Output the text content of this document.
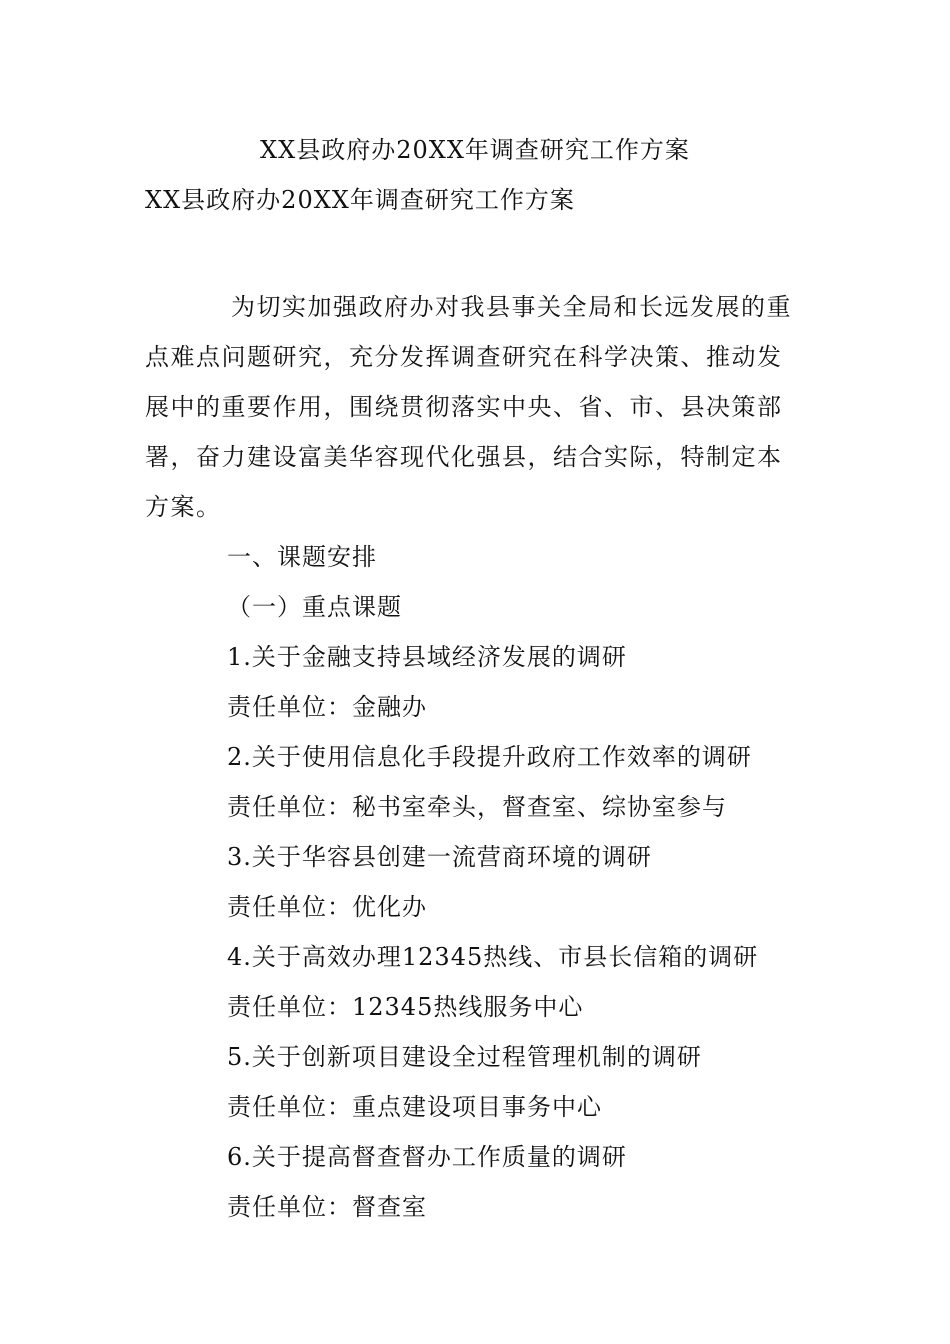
XX县政府办20XX年调查研究工作方案
XX县政府办20XX年调查研究工作方案
为切实加强政府办对我县事关全局和长远发展的重点难点问题研究，充分发挥调查研究在科学决策、推动发展中的重要作用，围绕贯彻落实中央、省、市、县决策部署，奋力建设富美华容现代化强县，结合实际，特制定本方案。
一、课题安排
（一）重点课题
1.关于金融支持县域经济发展的调研
责任单位：金融办
2.关于使用信息化手段提升政府工作效率的调研
责任单位：秘书室牵头，督查室、综协室参与
3.关于华容县创建一流营商环境的调研
责任单位：优化办
4.关于高效办理12345热线、市县长信箱的调研
责任单位：12345热线服务中心
5.关于创新项目建设全过程管理机制的调研
责任单位：重点建设项目事务中心
6.关于提高督查督办工作质量的调研
责任单位：督查室
